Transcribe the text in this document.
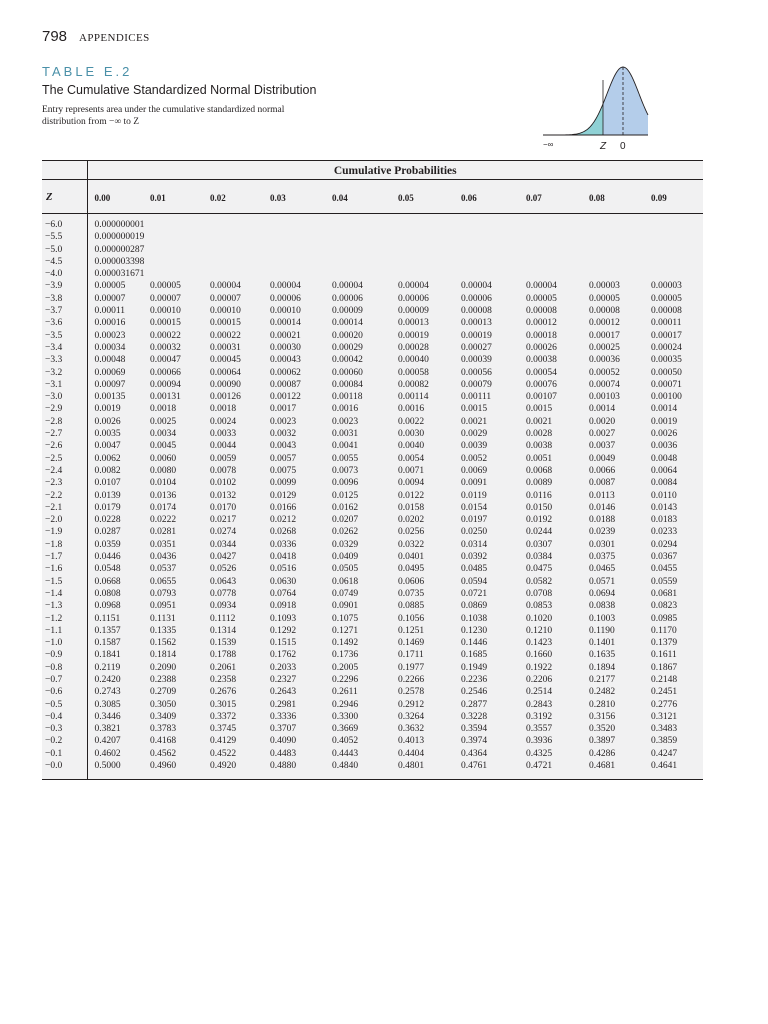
798 APPENDICES
TABLE E.2
The Cumulative Standardized Normal Distribution
Entry represents area under the cumulative standardized normal distribution from −∞ to Z
−∞	Z 0
	Cumulative Probabilities									
Z	0.00	0.01	0.02	0.03	0.04	0.05	0.06	0.07	0.08	0.09
−6.0	0.000000001									
−5.5	0.000000019									
−5.0	0.000000287									
−4.5	0.000003398									
−4.0	0.000031671									
−3.9	0.00005	0.00005	0.00004	0.00004	0.00004	0.00004	0.00004	0.00004	0.00003	0.00003
−3.8	0.00007	0.00007	0.00007	0.00006	0.00006	0.00006	0.00006	0.00005	0.00005	0.00005
−3.7	0.00011	0.00010	0.00010	0.00010	0.00009	0.00009	0.00008	0.00008	0.00008	0.00008
−3.6	0.00016	0.00015	0.00015	0.00014	0.00014	0.00013	0.00013	0.00012	0.00012	0.00011
−3.5	0.00023	0.00022	0.00022	0.00021	0.00020	0.00019	0.00019	0.00018	0.00017	0.00017
−3.4	0.00034	0.00032	0.00031	0.00030	0.00029	0.00028	0.00027	0.00026	0.00025	0.00024
−3.3	0.00048	0.00047	0.00045	0.00043	0.00042	0.00040	0.00039	0.00038	0.00036	0.00035
−3.2	0.00069	0.00066	0.00064	0.00062	0.00060	0.00058	0.00056	0.00054	0.00052	0.00050
−3.1	0.00097	0.00094	0.00090	0.00087	0.00084	0.00082	0.00079	0.00076	0.00074	0.00071
−3.0	0.00135	0.00131	0.00126	0.00122	0.00118	0.00114	0.00111	0.00107	0.00103	0.00100
−2.9	0.0019	0.0018	0.0018	0.0017	0.0016	0.0016	0.0015	0.0015	0.0014	0.0014
−2.8	0.0026	0.0025	0.0024	0.0023	0.0023	0.0022	0.0021	0.0021	0.0020	0.0019
−2.7	0.0035	0.0034	0.0033	0.0032	0.0031	0.0030	0.0029	0.0028	0.0027	0.0026
−2.6	0.0047	0.0045	0.0044	0.0043	0.0041	0.0040	0.0039	0.0038	0.0037	0.0036
−2.5	0.0062	0.0060	0.0059	0.0057	0.0055	0.0054	0.0052	0.0051	0.0049	0.0048
−2.4	0.0082	0.0080	0.0078	0.0075	0.0073	0.0071	0.0069	0.0068	0.0066	0.0064
−2.3	0.0107	0.0104	0.0102	0.0099	0.0096	0.0094	0.0091	0.0089	0.0087	0.0084
−2.2	0.0139	0.0136	0.0132	0.0129	0.0125	0.0122	0.0119	0.0116	0.0113	0.0110
−2.1	0.0179	0.0174	0.0170	0.0166	0.0162	0.0158	0.0154	0.0150	0.0146	0.0143
−2.0	0.0228	0.0222	0.0217	0.0212	0.0207	0.0202	0.0197	0.0192	0.0188	0.0183
−1.9	0.0287	0.0281	0.0274	0.0268	0.0262	0.0256	0.0250	0.0244	0.0239	0.0233
−1.8	0.0359	0.0351	0.0344	0.0336	0.0329	0.0322	0.0314	0.0307	0.0301	0.0294
−1.7	0.0446	0.0436	0.0427	0.0418	0.0409	0.0401	0.0392	0.0384	0.0375	0.0367
−1.6	0.0548	0.0537	0.0526	0.0516	0.0505	0.0495	0.0485	0.0475	0.0465	0.0455
−1.5	0.0668	0.0655	0.0643	0.0630	0.0618	0.0606	0.0594	0.0582	0.0571	0.0559
−1.4	0.0808	0.0793	0.0778	0.0764	0.0749	0.0735	0.0721	0.0708	0.0694	0.0681
−1.3	0.0968	0.0951	0.0934	0.0918	0.0901	0.0885	0.0869	0.0853	0.0838	0.0823
−1.2	0.1151	0.1131	0.1112	0.1093	0.1075	0.1056	0.1038	0.1020	0.1003	0.0985
−1.1	0.1357	0.1335	0.1314	0.1292	0.1271	0.1251	0.1230	0.1210	0.1190	0.1170
−1.0	0.1587	0.1562	0.1539	0.1515	0.1492	0.1469	0.1446	0.1423	0.1401	0.1379
−0.9	0.1841	0.1814	0.1788	0.1762	0.1736	0.1711	0.1685	0.1660	0.1635	0.1611
−0.8	0.2119	0.2090	0.2061	0.2033	0.2005	0.1977	0.1949	0.1922	0.1894	0.1867
−0.7	0.2420	0.2388	0.2358	0.2327	0.2296	0.2266	0.2236	0.2206	0.2177	0.2148
−0.6	0.2743	0.2709	0.2676	0.2643	0.2611	0.2578	0.2546	0.2514	0.2482	0.2451
−0.5	0.3085	0.3050	0.3015	0.2981	0.2946	0.2912	0.2877	0.2843	0.2810	0.2776
−0.4	0.3446	0.3409	0.3372	0.3336	0.3300	0.3264	0.3228	0.3192	0.3156	0.3121
−0.3	0.3821	0.3783	0.3745	0.3707	0.3669	0.3632	0.3594	0.3557	0.3520	0.3483
−0.2	0.4207	0.4168	0.4129	0.4090	0.4052	0.4013	0.3974	0.3936	0.3897	0.3859
−0.1	0.4602	0.4562	0.4522	0.4483	0.4443	0.4404	0.4364	0.4325	0.4286	0.4247
−0.0	0.5000	0.4960	0.4920	0.4880	0.4840	0.4801	0.4761	0.4721	0.4681	0.4641
